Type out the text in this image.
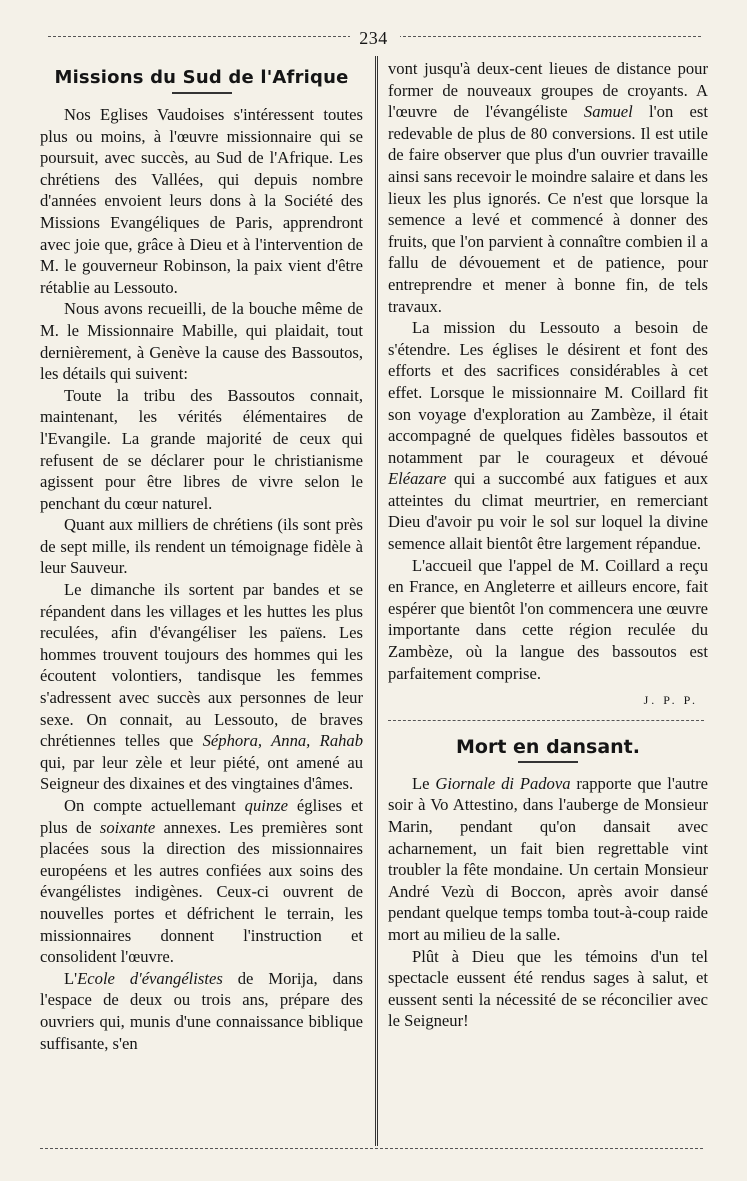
234
Missions du Sud de l'Afrique

Nos Eglises Vaudoises s'intéressent toutes plus ou moins, à l'œuvre missionnaire qui se poursuit, avec succès, au Sud de l'Afrique. Les chrétiens des Vallées, qui depuis nombre d'années envoient leurs dons à la Société des Missions Evangéliques de Paris, apprendront avec joie que, grâce à Dieu et à l'intervention de M. le gouverneur Robinson, la paix vient d'être rétablie au Lessouto.

Nous avons recueilli, de la bouche même de M. le Missionnaire Mabille, qui plaidait, tout dernièrement, à Genève la cause des Bassoutos, les détails qui suivent:

Toute la tribu des Bassoutos connait, maintenant, les vérités élémentaires de l'Evangile. La grande majorité de ceux qui refusent de se déclarer pour le christianisme agissent pour être libres de vivre selon le penchant du cœur naturel.

Quant aux milliers de chrétiens (ils sont près de sept mille, ils rendent un témoignage fidèle à leur Sauveur.

Le dimanche ils sortent par bandes et se répandent dans les villages et les huttes les plus reculées, afin d'évangéliser les païens. Les hommes trouvent toujours des hommes qui les écoutent volontiers, tandisque les femmes s'adressent avec succès aux personnes de leur sexe. On connait, au Lessouto, de braves chrétiennes telles que Séphora, Anna, Rahab qui, par leur zèle et leur piété, ont amené au Seigneur des dixaines et des vingtaines d'âmes.

On compte actuellemant quinze églises et plus de soixante annexes. Les premières sont placées sous la direction des missionnaires européens et les autres confiées aux soins des évangélistes indigènes. Ceux-ci ouvrent de nouvelles portes et défrichent le terrain, les missionnaires donnent l'instruction et consolident l'œuvre.

L'Ecole d'évangélistes de Morija, dans l'espace de deux ou trois ans, prépare des ouvriers qui, munis d'une connaissance biblique suffisante, s'en

vont jusqu'à deux-cent lieues de distance pour former de nouveaux groupes de croyants. A l'œuvre de l'évangéliste Samuel l'on est redevable de plus de 80 conversions. Il est utile de faire observer que plus d'un ouvrier travaille ainsi sans recevoir le moindre salaire et dans les lieux les plus ignorés. Ce n'est que lorsque la semence a levé et commencé à donner des fruits, que l'on parvient à connaître combien il a fallu de dévouement et de patience, pour entreprendre et mener à bonne fin, de tels travaux.

La mission du Lessouto a besoin de s'étendre. Les églises le désirent et font des efforts et des sacrifices considérables à cet effet. Lorsque le missionnaire M. Coillard fit son voyage d'exploration au Zambèze, il était accompagné de quelques fidèles bassoutos et notamment par le courageux et dévoué Eléazare qui a succombé aux fatigues et aux atteintes du climat meurtrier, en remerciant Dieu d'avoir pu voir le sol sur loquel la divine semence allait bientôt être largement répandue.

L'accueil que l'appel de M. Coillard a reçu en France, en Angleterre et ailleurs encore, fait espérer que bientôt l'on commencera une œuvre importante dans cette région reculée du Zambèze, où la langue des bassoutos est parfaitement comprise.

J. P. P.
Mort en dansant.

Le Giornale di Padova rapporte que l'autre soir à Vo Attestino, dans l'auberge de Monsieur Marin, pendant qu'on dansait avec acharnement, un fait bien regrettable vint troubler la fête mondaine. Un certain Monsieur André Vezù di Boccon, après avoir dansé pendant quelque temps tomba tout-à-coup raide mort au milieu de la salle.

Plût à Dieu que les témoins d'un tel spectacle eussent été rendus sages à salut, et eussent senti la nécessité de se réconcilier avec le Seigneur!
